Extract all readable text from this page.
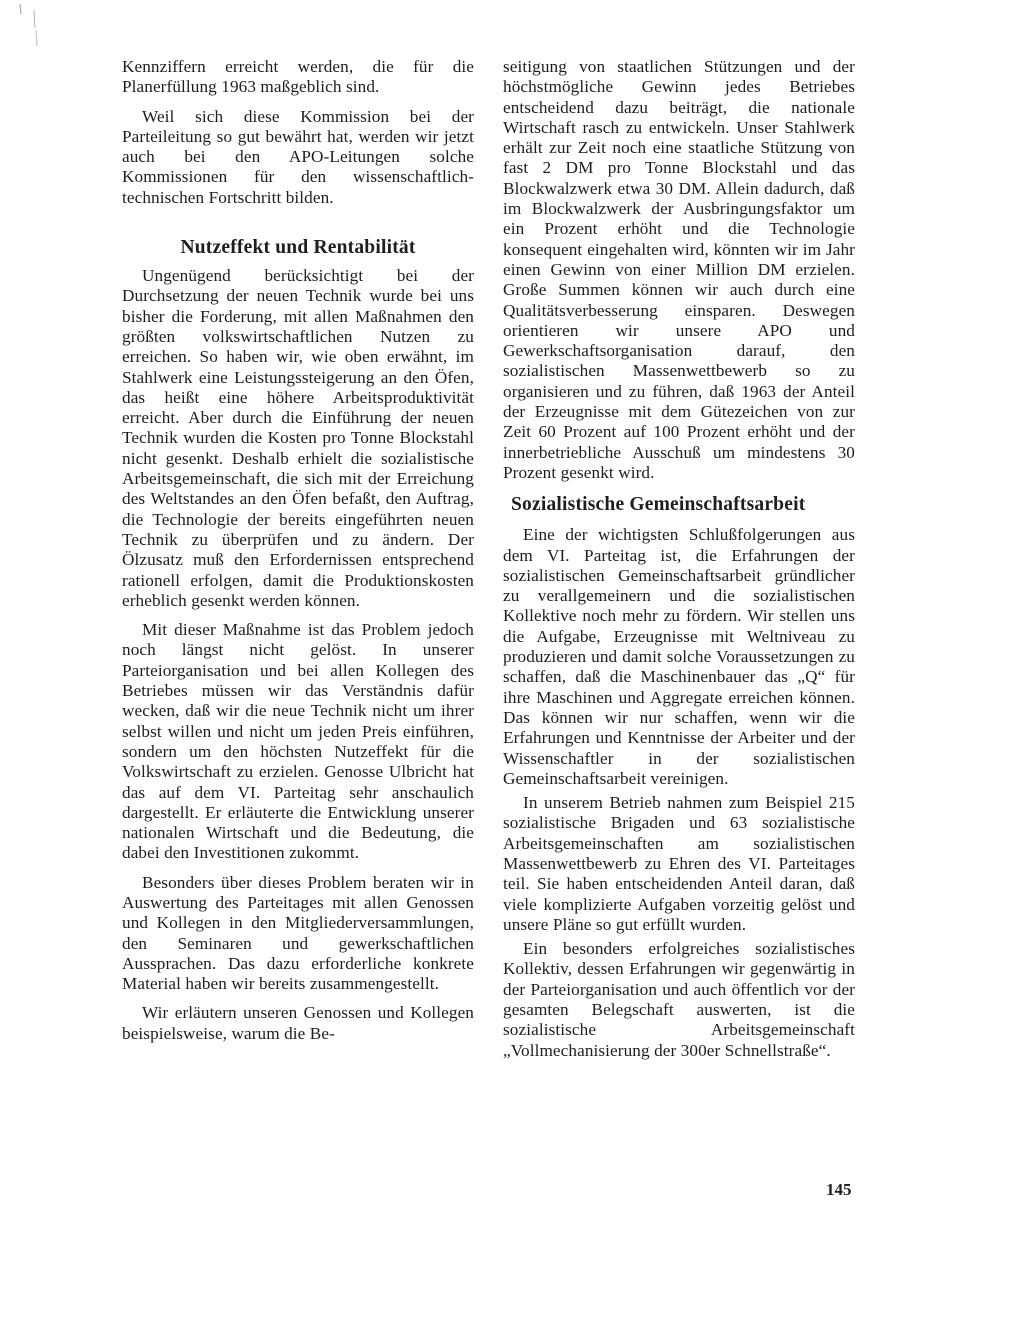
Kennziffern erreicht werden, die für die Planerfüllung 1963 maßgeblich sind.

Weil sich diese Kommission bei der Parteileitung so gut bewährt hat, werden wir jetzt auch bei den APO-Leitungen solche Kommissionen für den wissenschaftlich-technischen Fortschritt bilden.

Nutzeffekt und Rentabilität

Ungenügend berücksichtigt bei der Durchsetzung der neuen Technik wurde bei uns bisher die Forderung, mit allen Maßnahmen den größten volkswirtschaftlichen Nutzen zu erreichen. So haben wir, wie oben erwähnt, im Stahlwerk eine Leistungssteigerung an den Öfen, das heißt eine höhere Arbeitsproduktivität erreicht. Aber durch die Einführung der neuen Technik wurden die Kosten pro Tonne Blockstahl nicht gesenkt. Deshalb erhielt die sozialistische Arbeitsgemeinschaft, die sich mit der Erreichung des Weltstandes an den Öfen befaßt, den Auftrag, die Technologie der bereits eingeführten neuen Technik zu überprüfen und zu ändern. Der Ölzusatz muß den Erfordernissen entsprechend rationell erfolgen, damit die Produktionskosten erheblich gesenkt werden können.

Mit dieser Maßnahme ist das Problem jedoch noch längst nicht gelöst. In unserer Parteiorganisation und bei allen Kollegen des Betriebes müssen wir das Verständnis dafür wecken, daß wir die neue Technik nicht um ihrer selbst willen und nicht um jeden Preis einführen, sondern um den höchsten Nutzeffekt für die Volkswirtschaft zu erzielen. Genosse Ulbricht hat das auf dem VI. Parteitag sehr anschaulich dargestellt. Er erläuterte die Entwicklung unserer nationalen Wirtschaft und die Bedeutung, die dabei den Investitionen zukommt.

Besonders über dieses Problem beraten wir in Auswertung des Parteitages mit allen Genossen und Kollegen in den Mitgliederversammlungen, den Seminaren und gewerkschaftlichen Aussprachen. Das dazu erforderliche konkrete Material haben wir bereits zusammengestellt.

Wir erläutern unseren Genossen und Kollegen beispielsweise, warum die Be-

seitigung von staatlichen Stützungen und der höchstmögliche Gewinn jedes Betriebes entscheidend dazu beiträgt, die nationale Wirtschaft rasch zu entwickeln. Unser Stahlwerk erhält zur Zeit noch eine staatliche Stützung von fast 2 DM pro Tonne Blockstahl und das Blockwalzwerk etwa 30 DM. Allein dadurch, daß im Blockwalzwerk der Ausbringungsfaktor um ein Prozent erhöht und die Technologie konsequent eingehalten wird, könnten wir im Jahr einen Gewinn von einer Million DM erzielen. Große Summen können wir auch durch eine Qualitätsverbesserung einsparen. Deswegen orientieren wir unsere APO und Gewerkschaftsorganisation darauf, den sozialistischen Massenwettbewerb so zu organisieren und zu führen, daß 1963 der Anteil der Erzeugnisse mit dem Gütezeichen von zur Zeit 60 Prozent auf 100 Prozent erhöht und der innerbetriebliche Ausschuß um mindestens 30 Prozent gesenkt wird.

Sozialistische Gemeinschaftsarbeit

Eine der wichtigsten Schlußfolgerungen aus dem VI. Parteitag ist, die Erfahrungen der sozialistischen Gemeinschaftsarbeit gründlicher zu verallgemeinern und die sozialistischen Kollektive noch mehr zu fördern. Wir stellen uns die Aufgabe, Erzeugnisse mit Weltniveau zu produzieren und damit solche Voraussetzungen zu schaffen, daß die Maschinenbauer das „Q“ für ihre Maschinen und Aggregate erreichen können. Das können wir nur schaffen, wenn wir die Erfahrungen und Kenntnisse der Arbeiter und der Wissenschaftler in der sozialistischen Gemeinschaftsarbeit vereinigen.

In unserem Betrieb nahmen zum Beispiel 215 sozialistische Brigaden und 63 sozialistische Arbeitsgemeinschaften am sozialistischen Massenwettbewerb zu Ehren des VI. Parteitages teil. Sie haben entscheidenden Anteil daran, daß viele komplizierte Aufgaben vorzeitig gelöst und unsere Pläne so gut erfüllt wurden.

Ein besonders erfolgreiches sozialistisches Kollektiv, dessen Erfahrungen wir gegenwärtig in der Parteiorganisation und auch öffentlich vor der gesamten Belegschaft auswerten, ist die sozialistische Arbeitsgemeinschaft „Vollmechanisierung der 300er Schnellstraße“.

145
